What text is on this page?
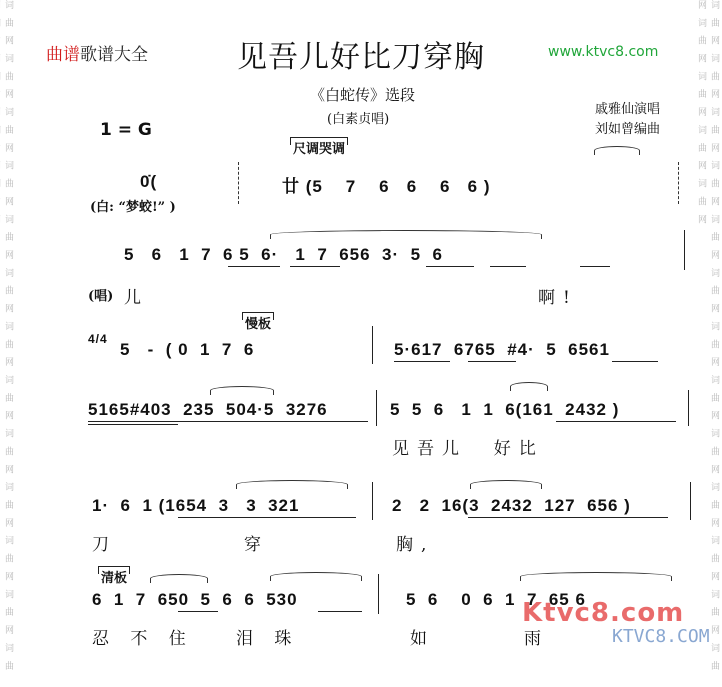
词 曲 网 词 曲 网 词 曲 网 词 曲 网 词 曲 网 词 曲 网 词 曲 网 词 曲 网 词 曲 网 词 曲 网 词 曲 网 词 曲 网 词 曲	词 曲 网 词 曲 网 词 曲 网 词 曲 网 词 曲 网 词 曲 网 词 曲 网 词 曲 网 词 曲 网 词 曲 网 词 曲 网 词 曲 网 词 曲 网 词 曲 网 词 曲 网 词 曲 网 词 曲 网
曲谱歌谱大全	见吾儿好比刀穿胸	www.ktvc8.com
《白蛇传》选段
(白素贞唱)
戚雅仙演唱
刘如曾编曲
1 = G
尺调哭调
慢板
清板
0̇(	廿 (5    7    6   6    6   6 )
(白: “梦蛟!” )
5   6   1  7  6 5  6·   1  7  656  3·  5  6
(唱) 儿	啊!
4/4
5   -  ( 0  1  7  6	5·617  6765  #4·  5  6561
5165#403  235  504·5  3276	5  5  6   1  1  6(161  2432 )
见吾儿  好比
1·  6  1 (1654  3   3  321	2   2  16(3  2432  127  656 )
刀	穿	胸,
6  1  7  650  5  6  6  530	5  6    0  6  1  7  65 6
忍 不 住 泪 珠	如	雨
Ktvc8.com
KTVC8.COM
